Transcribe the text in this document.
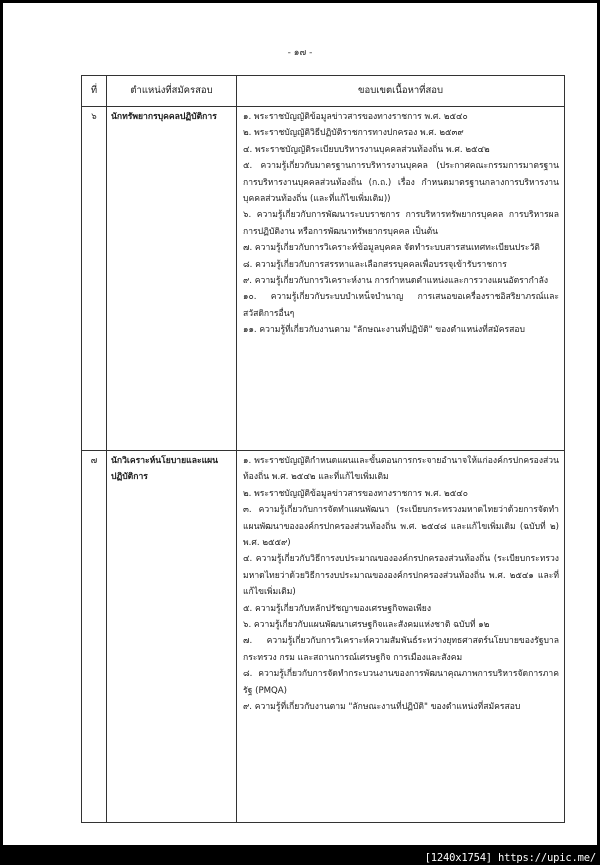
- ๑๗ -
ที่	ตำแหน่งที่สมัครสอบ	ขอบเขตเนื้อหาที่สอบ
๖	นักทรัพยากรบุคคลปฏิบัติการ	๑. พระราชบัญญัติข้อมูลข่าวสารของทางราชการ พ.ศ. ๒๕๔๐
๒. พระราชบัญญัติวิธีปฏิบัติราชการทางปกครอง พ.ศ. ๒๕๓๙
๔. พระราชบัญญัติระเบียบบริหารงานบุคคลส่วนท้องถิ่น พ.ศ. ๒๕๔๒
๕. ความรู้เกี่ยวกับมาตรฐานการบริหารงานบุคคล (ประกาศคณะกรรมการมาตรฐานการบริหารงานบุคคลส่วนท้องถิ่น (ก.ถ.) เรื่อง กำหนดมาตรฐานกลางการบริหารงานบุคคลส่วนท้องถิ่น (และที่แก้ไขเพิ่มเติม))
๖. ความรู้เกี่ยวกับการพัฒนาระบบราชการ การบริหารทรัพยากรบุคคล การบริหารผลการปฏิบัติงาน หรือการพัฒนาทรัพยากรบุคคล เป็นต้น
๗. ความรู้เกี่ยวกับการวิเคราะห์ข้อมูลบุคคล จัดทำระบบสารสนเทศทะเบียนประวัติ
๘. ความรู้เกี่ยวกับการสรรหาและเลือกสรรบุคคลเพื่อบรรจุเข้ารับราชการ
๙. ความรู้เกี่ยวกับการวิเคราะห์งาน การกำหนดตำแหน่งและการวางแผนอัตรากำลัง
๑๐. ความรู้เกี่ยวกับระบบบำเหน็จบำนาญ การเสนอขอเครื่องราชอิสริยาภรณ์และสวัสดิการอื่นๆ
๑๑. ความรู้ที่เกี่ยวกับงานตาม "ลักษณะงานที่ปฏิบัติ" ของตำแหน่งที่สมัครสอบ

๗	นักวิเคราะห์นโยบายและแผนปฏิบัติการ	
๑. พระราชบัญญัติกำหนดแผนและขั้นตอนการกระจายอำนาจให้แก่องค์กรปกครองส่วนท้องถิ่น พ.ศ. ๒๕๔๒ และที่แก้ไขเพิ่มเติม
๒. พระราชบัญญัติข้อมูลข่าวสารของทางราชการ พ.ศ. ๒๕๔๐
๓. ความรู้เกี่ยวกับการจัดทำแผนพัฒนา (ระเบียบกระทรวงมหาดไทยว่าด้วยการจัดทำแผนพัฒนาขององค์กรปกครองส่วนท้องถิ่น พ.ศ. ๒๕๔๘ และแก้ไขเพิ่มเติม (ฉบับที่ ๒) พ.ศ. ๒๕๕๙)
๔. ความรู้เกี่ยวกับวิธีการงบประมาณขององค์กรปกครองส่วนท้องถิ่น (ระเบียบกระทรวงมหาดไทยว่าด้วยวิธีการงบประมาณขององค์กรปกครองส่วนท้องถิ่น พ.ศ. ๒๕๔๑ และที่แก้ไขเพิ่มเติม)
๕. ความรู้เกี่ยวกับหลักปรัชญาของเศรษฐกิจพอเพียง
๖. ความรู้เกี่ยวกับแผนพัฒนาเศรษฐกิจและสังคมแห่งชาติ ฉบับที่ ๑๒
๗. ความรู้เกี่ยวกับการวิเคราะห์ความสัมพันธ์ระหว่างยุทธศาสตร์นโยบายของรัฐบาล กระทรวง กรม และสถานการณ์เศรษฐกิจ การเมืองและสังคม
๘. ความรู้เกี่ยวกับการจัดทำกระบวนงานของการพัฒนาคุณภาพการบริหารจัดการภาครัฐ (PMQA)
๙. ความรู้ที่เกี่ยวกับงานตาม "ลักษณะงานที่ปฏิบัติ" ของตำแหน่งที่สมัครสอบ
[1240x1754] https://upic.me/
